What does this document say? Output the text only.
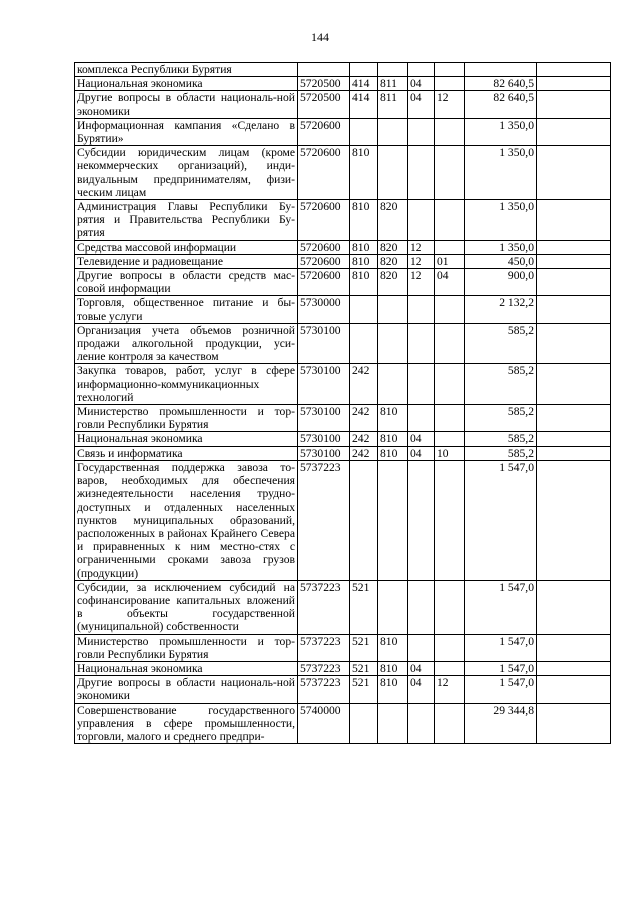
144
комплекса Республики Бурятия							
Национальная экономика	5720500	414	811	04		82 640,5	
Другие вопросы в области националь-ной экономики	5720500	414	811	04	12	82 640,5	
Информационная кампания «Сделано в Бурятии»	5720600					1 350,0	
Субсидии юридическим лицам (кроме некоммерческих организаций), инди-видуальным предпринимателям, физи-ческим лицам	5720600	810				1 350,0	
Администрация Главы Республики Бу-рятия и Правительства Республики Бу-рятия	5720600	810	820			1 350,0	
Средства массовой информации	5720600	810	820	12		1 350,0	
Телевидение и радиовещание	5720600	810	820	12	01	450,0	
Другие вопросы в области средств мас-совой информации	5720600	810	820	12	04	900,0	
Торговля, общественное питание и бы-товые услуги	5730000					2 132,2	
Организация учета объемов розничной продажи алкогольной продукции, уси-ление контроля за качеством	5730100					585,2	
Закупка товаров, работ, услуг в сфере информационно-коммуникационных технологий	5730100	242				585,2	
Министерство промышленности и тор-говли Республики Бурятия	5730100	242	810			585,2	
Национальная экономика	5730100	242	810	04		585,2	
Связь и информатика	5730100	242	810	04	10	585,2	
Государственная поддержка завоза то-варов, необходимых для обеспечения жизнедеятельности населения трудно-доступных и отдаленных населенных пунктов муниципальных образований, расположенных в районах Крайнего Севера и приравненных к ним местно-стях с ограниченными сроками завоза грузов (продукции)	5737223					1 547,0	
Субсидии, за исключением субсидий на софинансирование капитальных вложений в объекты государственной (муниципальной) собственности	5737223	521				1 547,0	
Министерство промышленности и тор-говли Республики Бурятия	5737223	521	810			1 547,0	
Национальная экономика	5737223	521	810	04		1 547,0	
Другие вопросы в области националь-ной экономики	5737223	521	810	04	12	1 547,0	
Совершенствование государственного управления в сфере промышленности, торговли, малого и среднего предпри-	5740000					29 344,8	
